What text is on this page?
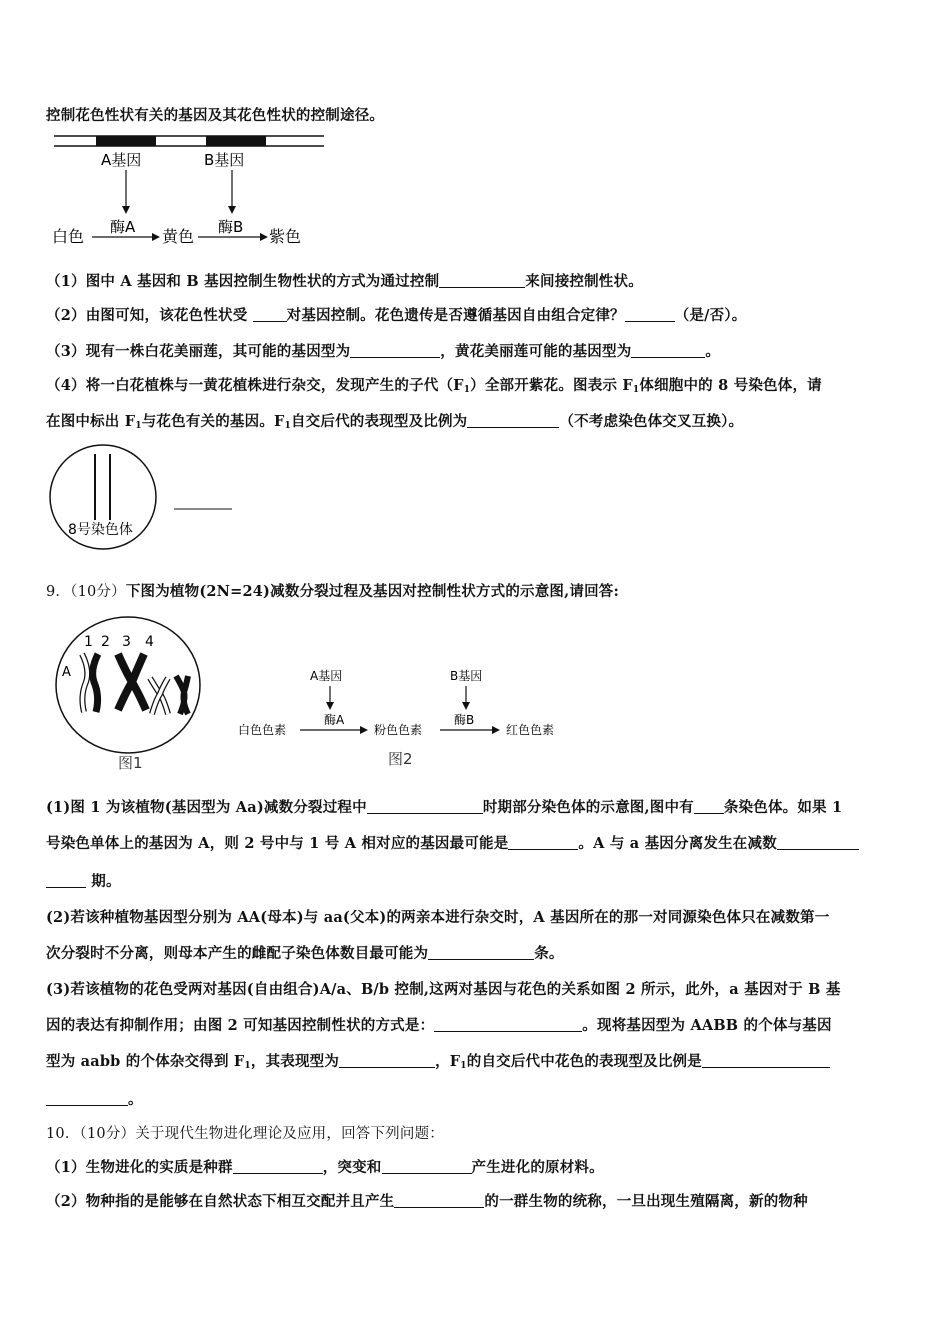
控制花色性状有关的基因及其花色性状的控制途径。
A基因	B基因
白色 酶A 黄色 酶B 紫色
（1）图中 A 基因和 B 基因控制生物性状的方式为通过控制	来间接控制性状。
（2）由图可知，该花色性状受 对基因控制。花色遗传是否遵循基因自由组合定律？	（是/否）。
（3）现有一株白花美丽莲，其可能的基因型为	，黄花美丽莲可能的基因型为	。
（4）将一白花植株与一黄花植株进行杂交，发现产生的子代$(F_1)$全部开紫花。图表示 $F_1$体细胞中的 8 号染色体，请
在图中标出 $F_1$与花色有关的基因。$F_1$自交后代的表现型及比例为	（不考虑染色体交叉互换）。
8号染色体
9．（10分）下图为植物(2N=24)减数分裂过程及基因对控制性状方式的示意图,请回答:
1 2 3 4
A
图1
A基因	B基因
白色色素
酶A
粉色色素
酶B
红色色素
图2
(1)图 1 为该植物(基因型为 Aa)减数分裂过程中	时期部分染色体的示意图,图中有 条染色体。如果 1
号染色单体上的基因为 A，则 2 号中与 1 号 A 相对应的基因最可能是	。A 与 a 基因分离发生在减数
期。
(2)若该种植物基因型分别为 AA(母本)与 aa(父本)的两亲本进行杂交时，A 基因所在的那一对同源染色体只在减数第一
次分裂时不分离，则母本产生的雌配子染色体数目最可能为	条。
(3)若该植物的花色受两对基因(自由组合)A/a、B/b 控制,这两对基因与花色的关系如图 2 所示，此外，a 基因对于 B 基
因的表达有抑制作用；由图 2 可知基因控制性状的方式是：	。现将基因型为 AABB 的个体与基因
型为 aabb 的个体杂交得到 $F_1$，其表现型为	，$F_1$的自交后代中花色的表现型及比例是
。
10．（10分）关于现代生物进化理论及应用，回答下列问题：
（1）生物进化的实质是种群	，突变和	产生进化的原材料。
（2）物种指的是能够在自然状态下相互交配并且产生	的一群生物的统称，一旦出现生殖隔离，新的物种
